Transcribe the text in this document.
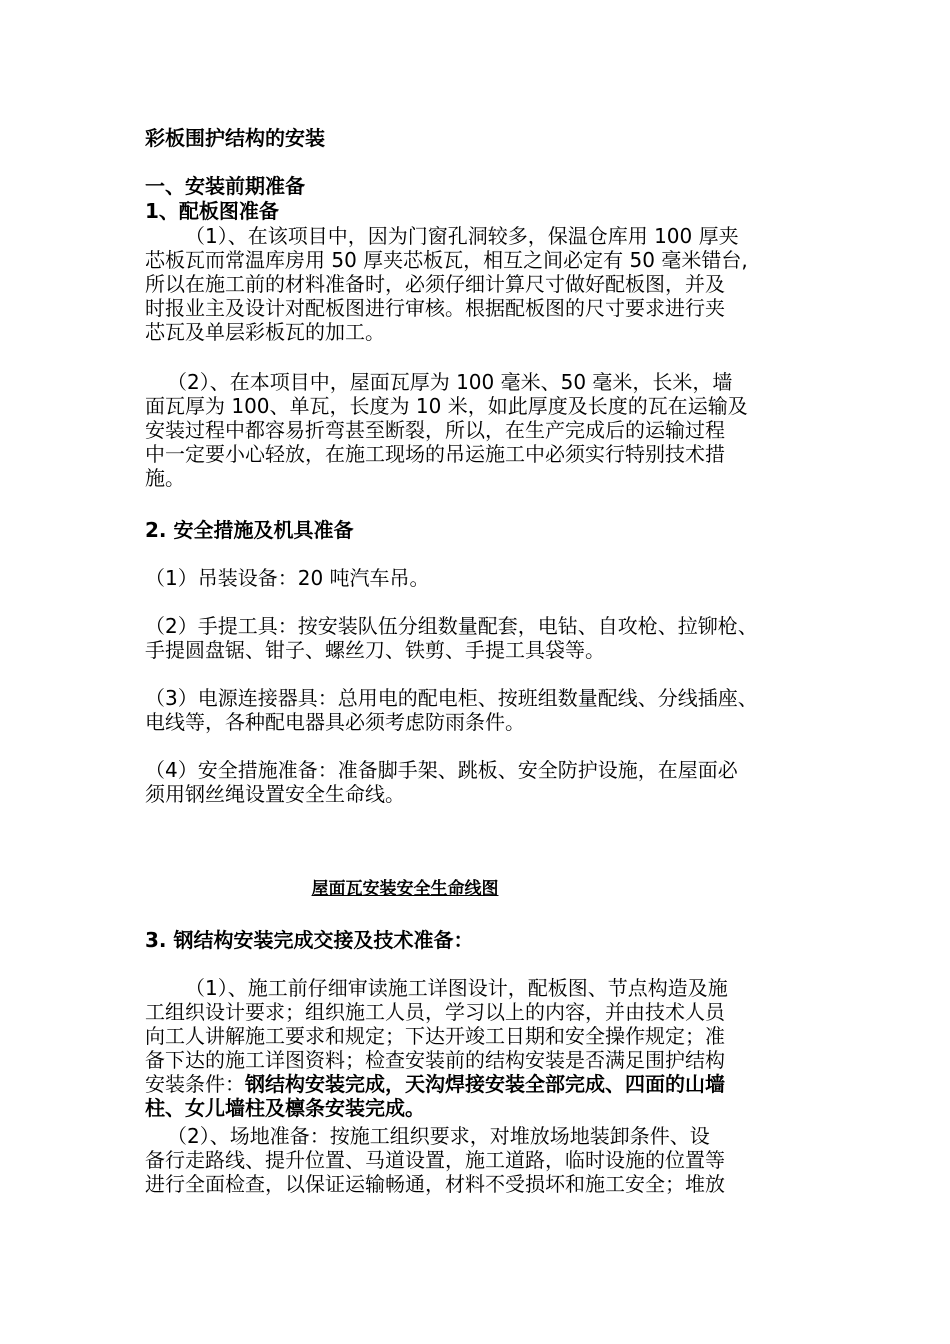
彩板围护结构的安装
一、安装前期准备
1、配板图准备
（1）、在该项目中，因为门窗孔洞较多，保温仓库用 100 厚夹
芯板瓦而常温库房用 50 厚夹芯板瓦，相互之间必定有 50 毫米错台,
所以在施工前的材料准备时，必须仔细计算尺寸做好配板图，并及
时报业主及设计对配板图进行审核。根据配板图的尺寸要求进行夹
芯瓦及单层彩板瓦的加工。
（2）、在本项目中，屋面瓦厚为 100 毫米、50 毫米，长米，墙
面瓦厚为 100、单瓦，长度为 10 米，如此厚度及长度的瓦在运输及
安装过程中都容易折弯甚至断裂，所以，在生产完成后的运输过程
中一定要小心轻放，在施工现场的吊运施工中必须实行特别技术措
施。
2. 安全措施及机具准备
（1）吊装设备：20 吨汽车吊。
（2）手提工具：按安装队伍分组数量配套，电钻、自攻枪、拉铆枪、
手提圆盘锯、钳子、螺丝刀、铁剪、手提工具袋等。
（3）电源连接器具：总用电的配电柜、按班组数量配线、分线插座、
电线等，各种配电器具必须考虑防雨条件。
（4）安全措施准备：准备脚手架、跳板、安全防护设施，在屋面必
须用钢丝绳设置安全生命线。
屋面瓦安装安全生命线图
3. 钢结构安装完成交接及技术准备：
（1）、施工前仔细审读施工详图设计，配板图、节点构造及施
工组织设计要求；组织施工人员，学习以上的内容，并由技术人员
向工人讲解施工要求和规定；下达开竣工日期和安全操作规定；准
备下达的施工详图资料；检查安装前的结构安装是否满足围护结构
安装条件：钢结构安装完成，天沟焊接安装全部完成、四面的山墙
柱、女儿墙柱及檩条安装完成。
（2）、场地准备：按施工组织要求，对堆放场地装卸条件、设
备行走路线、提升位置、马道设置，施工道路，临时设施的位置等
进行全面检查，以保证运输畅通，材料不受损坏和施工安全；堆放
